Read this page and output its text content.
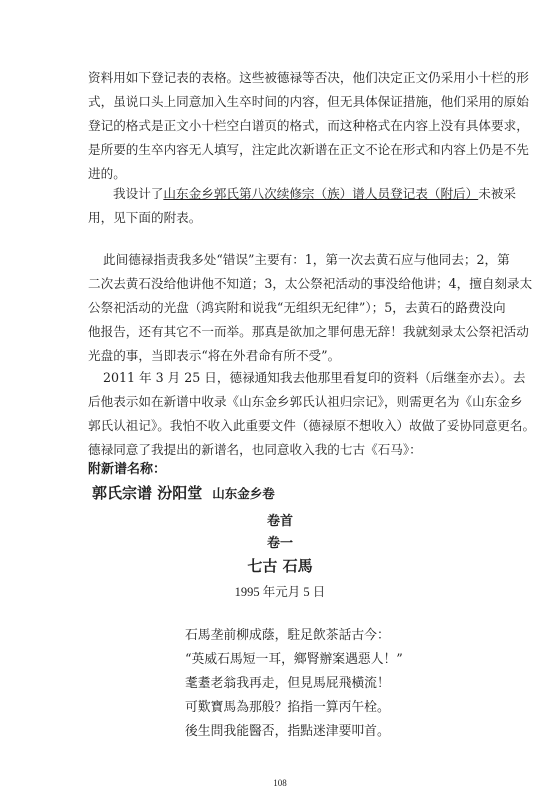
资料用如下登记表的表格。这些被德禄等否决，他们决定正文仍采用小十栏的形
式，虽说口头上同意加入生卒时间的内容，但无具体保证措施，他们采用的原始
登记的格式是正文小十栏空白谱页的格式，而这种格式在内容上没有具体要求，
是所要的生卒内容无人填写，注定此次新谱在正文不论在形式和内容上仍是不先
进的。
我设计了山东金乡郭氏第八次续修宗（族）谱人员登记表（附后）未被采
用，见下面的附表。
此间德禄指责我多处“错误”主要有：1，第一次去黄石应与他同去；2，第
二次去黄石没给他讲他不知道；3，太公祭祀活动的事没给他讲；4，擅自刻录太
公祭祀活动的光盘（鸿宾附和说我“无组织无纪律”）；5，去黄石的路费没向
他报告，还有其它不一而举。那真是欲加之罪何患无辞！我就刻录太公祭祀活动
光盘的事，当即表示“将在外君命有所不受”。
2011 年 3 月 25 日，德禄通知我去他那里看复印的资料（后继奎亦去）。去
后他表示如在新谱中收录《山东金乡郭氏认祖归宗记》，则需更名为《山东金乡
郭氏认祖记》。我怕不收入此重要文件（德禄原不想收入）故做了妥协同意更名。
德禄同意了我提出的新谱名，也同意收入我的七古《石马》：
附新谱名称：
郭氏宗谱 汾阳堂 山东金乡卷
卷首
卷一
七古 石馬
1995 年元月 5 日
石馬垄前柳成蔭，駐足飲茶話古今：
“英威石馬短一耳，鄉腎辦案遇惡人！”
耄耋老翁我再走，但見馬屁飛橫流！
可歎寶馬為那般？掐指一算丙午栓。
後生問我能醫否，指點迷津要叩首。
108
